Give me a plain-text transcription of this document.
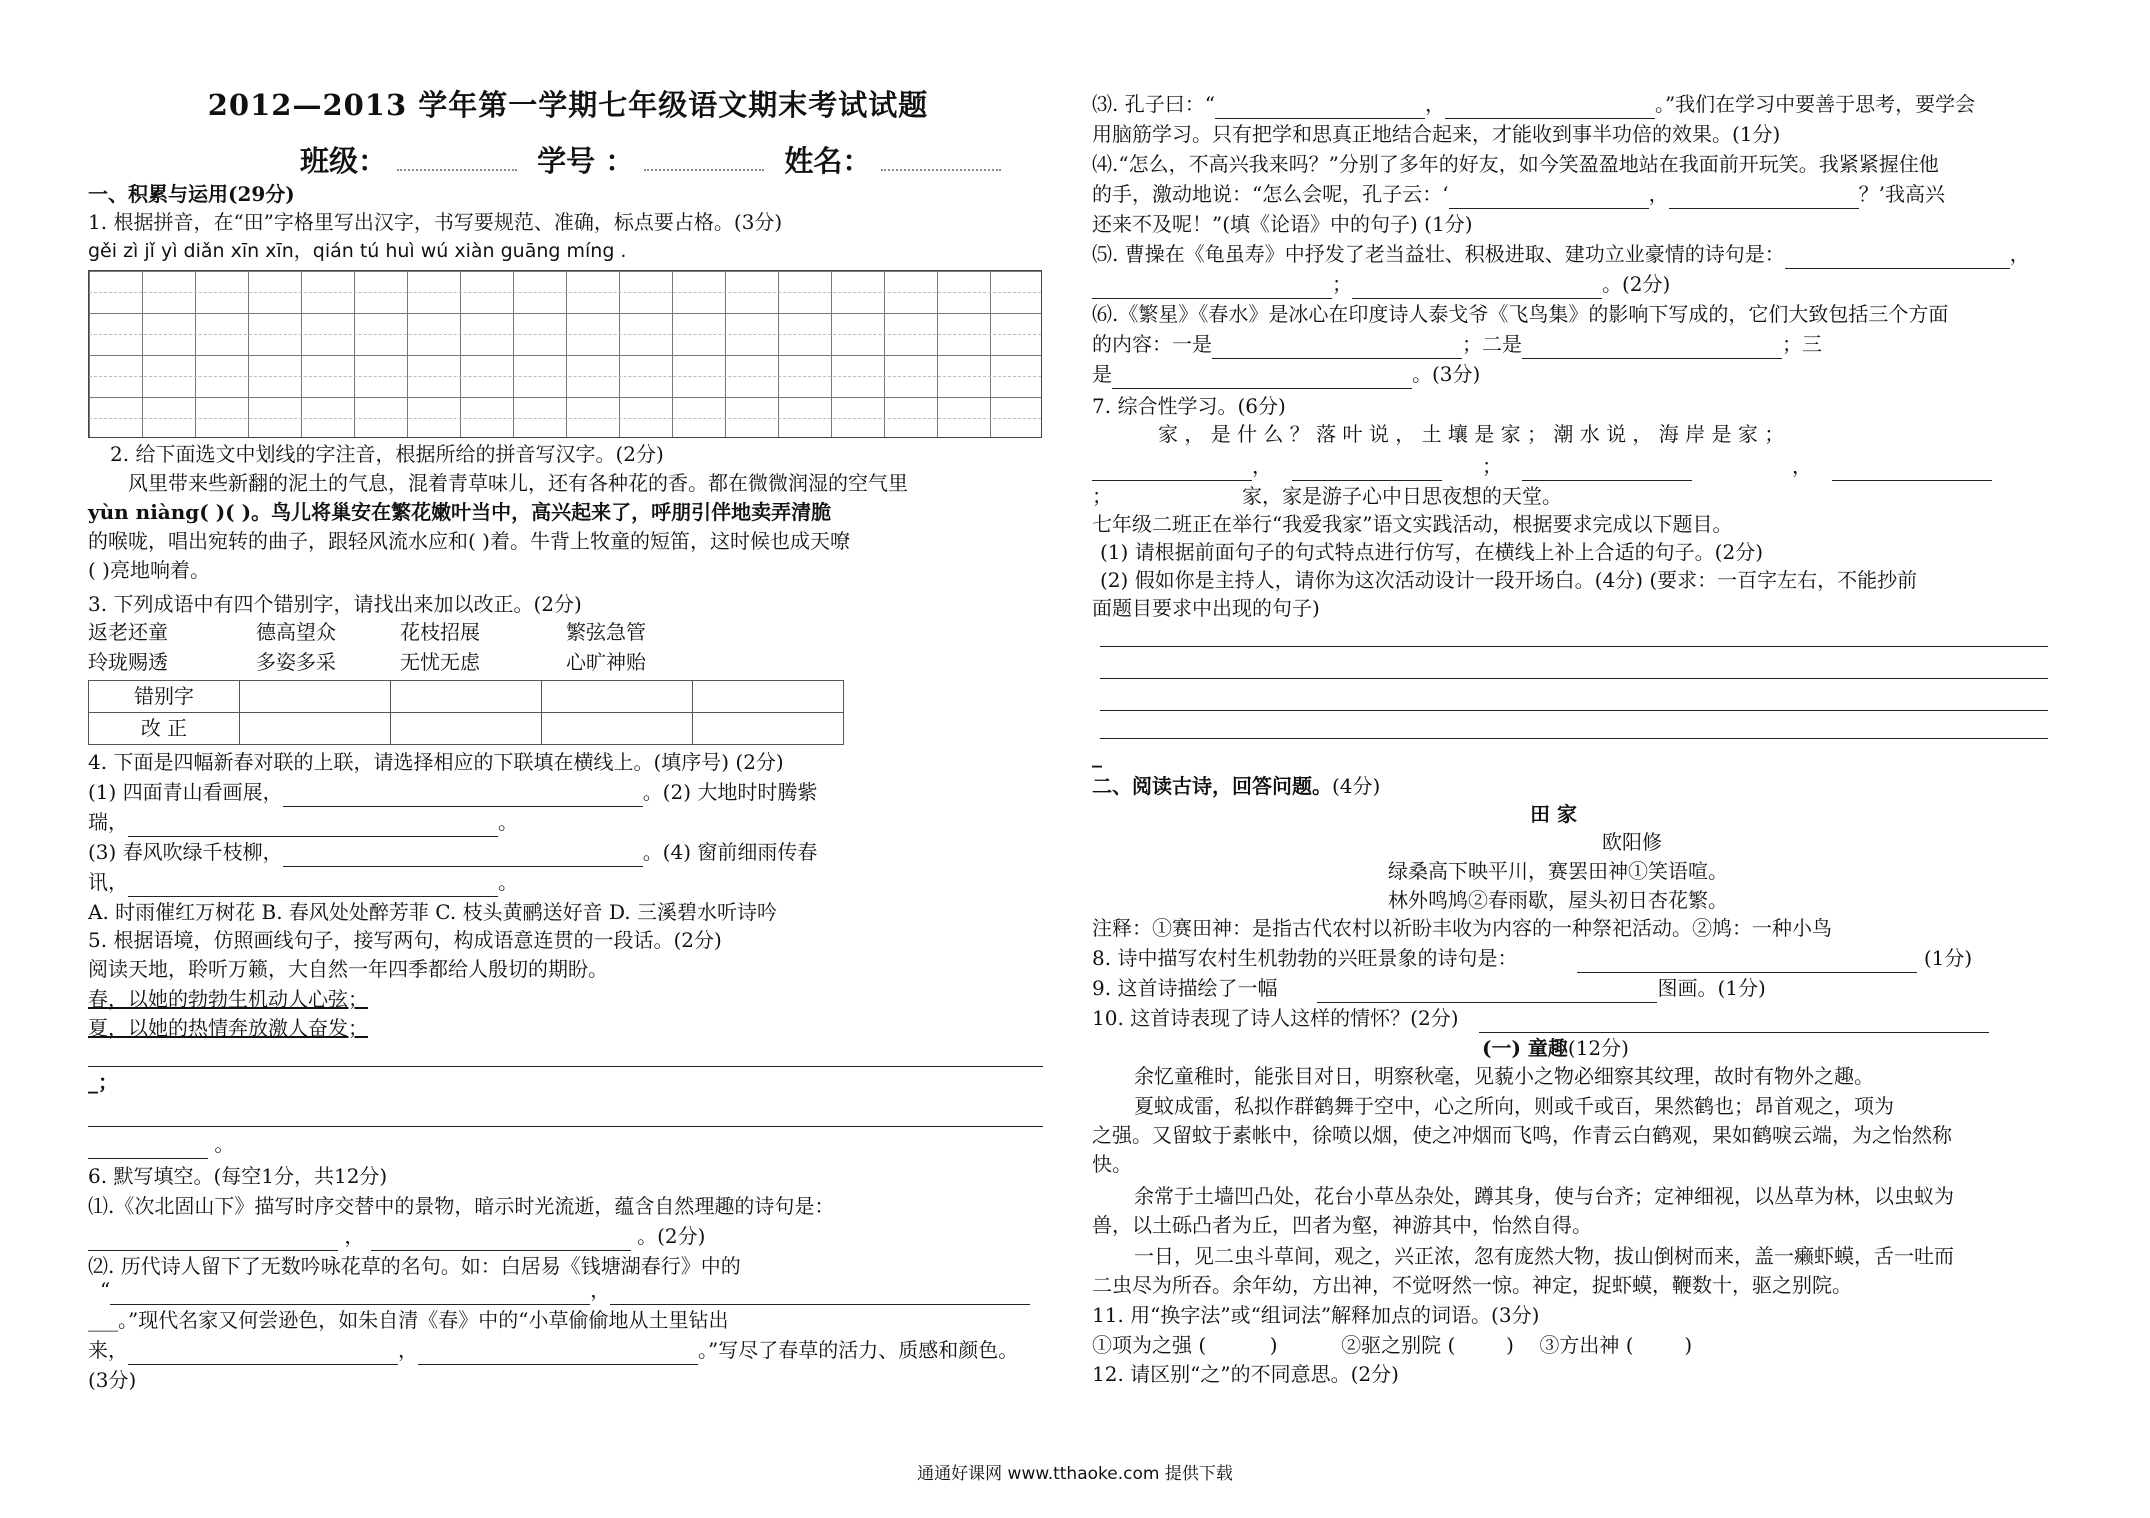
2012—2013 学年第一学期七年级语文期末考试试题
班级：	学号 ：	姓名：
一、积累与运用(29分)
1. 根据拼音，在“田”字格里写出汉字，书写要规范、准确，标点要占格。(3分)
gěi zì jǐ yì diǎn xīn xīn，qián tú huì wú xiàn guāng míng .
2. 给下面选文中划线的字注音，根据所给的拼音写汉字。(2分)
风里带来些新翻的泥土的气息，混着青草味儿，还有各种花的香。都在微微润湿的空气里
yùn niàng( )( )。鸟儿将巢安在繁花嫩叶当中，高兴起来了，呼朋引伴地卖弄清脆
的喉咙，唱出宛转的曲子，跟轻风流水应和( )着。牛背上牧童的短笛，这时候也成天嘹
( )亮地响着。
3. 下列成语中有四个错别字，请找出来加以改正。(2分)
返老还童	德高望众	花枝招展	繁弦急管
玲珑赐透	多姿多采	无忧无虑	心旷神贻
错别字				
改 正				
4. 下面是四幅新春对联的上联，请选择相应的下联填在横线上。(填序号) (2分)
(1) 四面青山看画展，	。(2) 大地时时腾紫
瑞，	。
(3) 春风吹绿千枝柳，	。(4) 窗前细雨传春
讯，	。
A. 时雨催红万树花 B. 春风处处醉芳菲 C. 枝头黄鹂送好音 D. 三溪碧水听诗吟
5. 根据语境，仿照画线句子，接写两句，构成语意连贯的一段话。(2分)
阅读天地，聆听万籁，大自然一年四季都给人殷切的期盼。
春，以她的勃勃生机动人心弦；
夏，以她的热情奔放激人奋发；
_；
。
6. 默写填空。(每空1分，共12分)
⑴.《次北固山下》描写时序交替中的景物，暗示时光流逝，蕴含自然理趣的诗句是：
，	。(2分)
⑵. 历代诗人留下了无数吟咏花草的名句。如：白居易《钱塘湖春行》中的
“	，
___。”现代名家又何尝逊色，如朱自清《春》中的“小草偷偷地从土里钻出
来，	，	。”写尽了春草的活力、质感和颜色。
(3分)
⑶. 孔子曰：“	，	。”我们在学习中要善于思考，要学会
用脑筋学习。只有把学和思真正地结合起来，才能收到事半功倍的效果。(1分)
⑷.“怎么，不高兴我来吗？”分别了多年的好友，如今笑盈盈地站在我面前开玩笑。我紧紧握住他
的手，激动地说：“怎么会呢，孔子云：‘	，	？’我高兴
还来不及呢！”(填《论语》中的句子) (1分)
⑸. 曹操在《龟虽寿》中抒发了老当益壮、积极进取、建功立业豪情的诗句是：	，
；	。(2分)
⑹.《繁星》《春水》是冰心在印度诗人泰戈爷《飞鸟集》的影响下写成的，它们大致包括三个方面
的内容：一是	；二是	；三
是	。(3分)
7. 综合性学习。(6分)
家 ， 是 什 么 ？ 落 叶 说 ， 土 壤 是 家 ； 潮 水 说 ， 海 岸 是 家 ；
，	；	，
；	家，家是游子心中日思夜想的天堂。
七年级二班正在举行“我爱我家”语文实践活动，根据要求完成以下题目。
(1) 请根据前面句子的句式特点进行仿写，在横线上补上合适的句子。(2分)
(2) 假如你是主持人，请你为这次活动设计一段开场白。(4分) (要求：一百字左右，不能抄前
面题目要求中出现的句子)
_
二、阅读古诗，回答问题。(4分)
田 家
欧阳修
绿桑高下映平川，赛罢田神①笑语喧。
林外鸣鸠②春雨歇，屋头初日杏花繁。
注释：①赛田神：是指古代农村以祈盼丰收为内容的一种祭祀活动。②鸠：一种小鸟
8. 诗中描写农村生机勃勃的兴旺景象的诗句是：	(1分)
9. 这首诗描绘了一幅	图画。(1分)
10. 这首诗表现了诗人这样的情怀？(2分)
(一) 童趣(12分)
余忆童稚时，能张目对日，明察秋毫，见藐小之物必细察其纹理，故时有物外之趣。
夏蚊成雷，私拟作群鹤舞于空中，心之所向，则或千或百，果然鹤也；昂首观之，项为
之强。又留蚊于素帐中，徐喷以烟，使之冲烟而飞鸣，作青云白鹤观，果如鹤唳云端，为之怡然称
快。
余常于土墙凹凸处，花台小草丛杂处，蹲其身，使与台齐；定神细视，以丛草为林，以虫蚁为
兽，以土砾凸者为丘，凹者为壑，神游其中，怡然自得。
一日，见二虫斗草间，观之，兴正浓，忽有庞然大物，拔山倒树而来，盖一癞虾蟆，舌一吐而
二虫尽为所吞。余年幼，方出神，不觉呀然一惊。神定，捉虾蟆，鞭数十，驱之别院。
11. 用“换字法”或“组词法”解释加点的词语。(3分)
①项为之强 (          )	②驱之别院 (        ) ③方出神 (        )
12. 请区别“之”的不同意思。(2分)
通通好课网 www.tthaoke.com 提供下载
